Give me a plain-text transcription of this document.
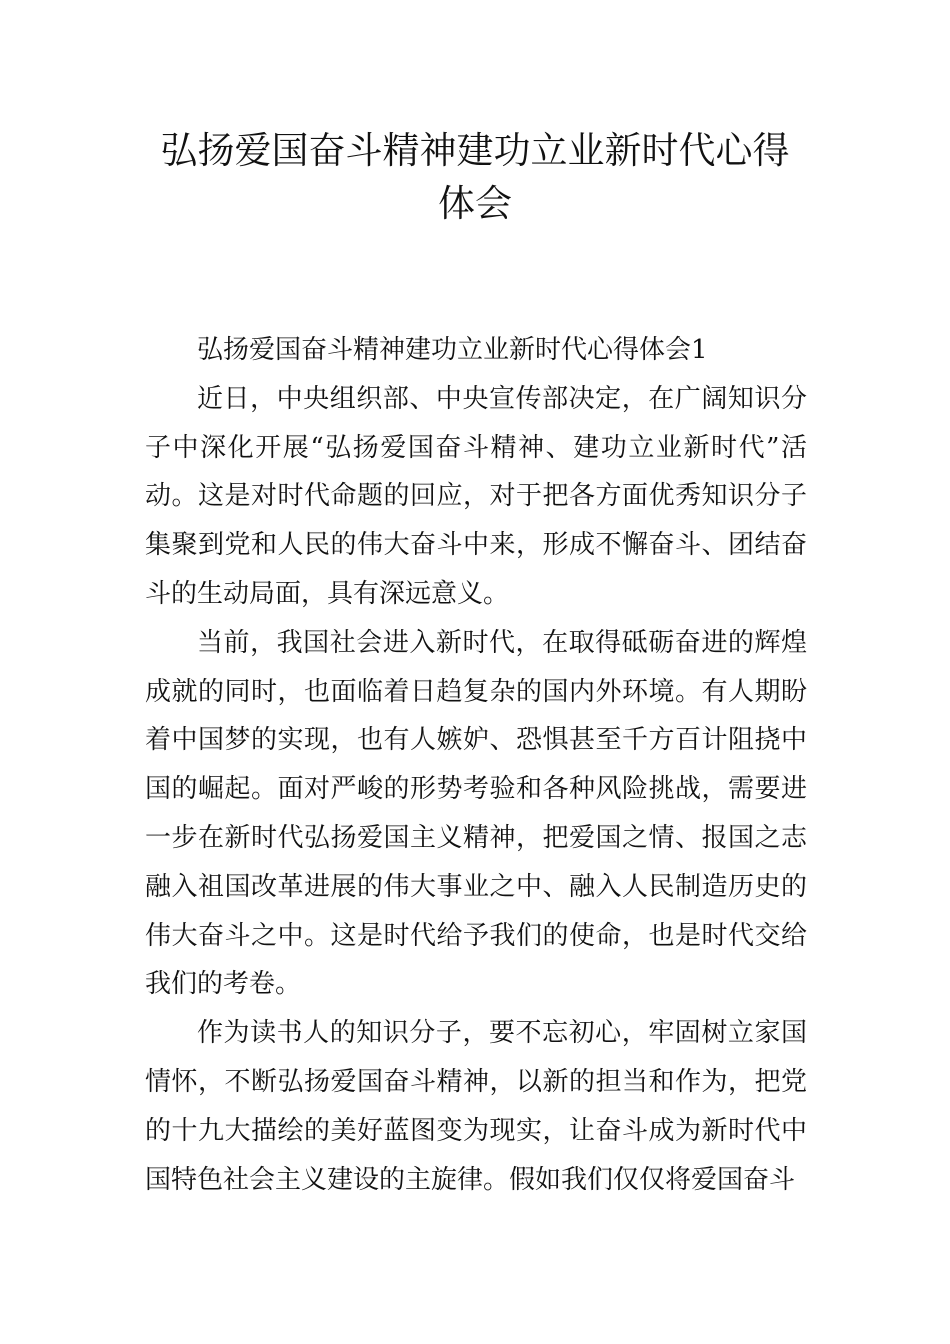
弘扬爱国奋斗精神建功立业新时代心得
体会

弘扬爱国奋斗精神建功立业新时代心得体会1

近日，中央组织部、中央宣传部决定，在广阔知识分子中深化开展“弘扬爱国奋斗精神、建功立业新时代”活动。这是对时代命题的回应，对于把各方面优秀知识分子集聚到党和人民的伟大奋斗中来，形成不懈奋斗、团结奋斗的生动局面，具有深远意义。

当前，我国社会进入新时代，在取得砥砺奋进的辉煌成就的同时，也面临着日趋复杂的国内外环境。有人期盼着中国梦的实现，也有人嫉妒、恐惧甚至千方百计阻挠中国的崛起。面对严峻的形势考验和各种风险挑战，需要进一步在新时代弘扬爱国主义精神，把爱国之情、报国之志融入祖国改革进展的伟大事业之中、融入人民制造历史的伟大奋斗之中。这是时代给予我们的使命，也是时代交给我们的考卷。

作为读书人的知识分子，要不忘初心，牢固树立家国情怀，不断弘扬爱国奋斗精神，以新的担当和作为，把党的十九大描绘的美好蓝图变为现实，让奋斗成为新时代中国特色社会主义建设的主旋律。假如我们仅仅将爱国奋斗
